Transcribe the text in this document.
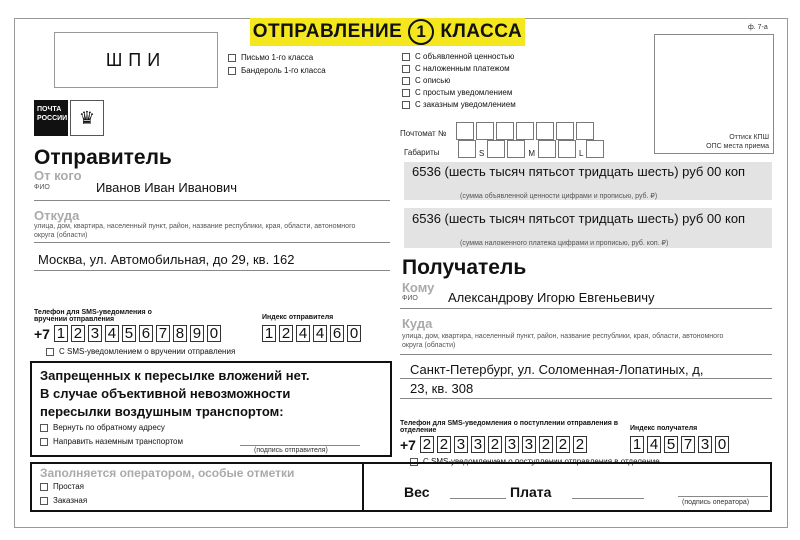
ОТПРАВЛЕНИЕ 1 КЛАССА	ф. 7-а
ШПИ	Письмо 1-го класса
Бандероль 1-го класса
С объявленной ценностью
С наложенным платежом
С описью
С простым уведомлением
С заказным уведомлением
Почтомат №
Габариты	S	M	L
Оттиск КПШ
ОПС места приема
ПОЧТА
РОССИИ ♛
Отправитель
От кого
ФИО	Иванов Иван Иванович
Откуда
улица, дом, квартира, населенный пункт, район, название республики, края, области, автономного округа (области)
Москва, ул. Автомобильная, до 29, кв. 162
Телефон для SMS-уведомления о вручении отправления
+7 1 2 3 4 5 6 7 8 9 0
Индекс отправителя
1 2 4 4 6 0
С SMS-уведомлением о вручении отправления
6536 (шесть тысяч пятьсот тридцать шесть) руб 00 коп
(сумма объявленной ценности цифрами и прописью, руб. ₽)
6536 (шесть тысяч пятьсот тридцать шесть) руб 00 коп
(сумма наложенного платежа цифрами и прописью, руб. коп. ₽)
Получатель
Кому
ФИО Александрову Игорю Евгеньевичу
Куда
улица, дом, квартира, населенный пункт, район, название республики, края, области, автономного округа (области)
Санкт-Петербург, ул. Соломенная-Лопатиных, д,
23, кв. 308
Телефон для SMS-уведомления о поступлении отправления в отделение
+7 2 2 3 3 2 3 3 2 2 2
Индекс получателя
1 4 5 7 3 0
С SMS-уведомлением о поступлении отправления в отделение
Запрещенных к пересылке вложений нет.
В случае объективной невозможности
пересылки воздушным транспортом:
Вернуть по обратному адресу
Направить наземным транспортом
(подпись отправителя)
Заполняется оператором, особые отметки
Простая
Заказная
Вес	Плата
(подпись оператора)
